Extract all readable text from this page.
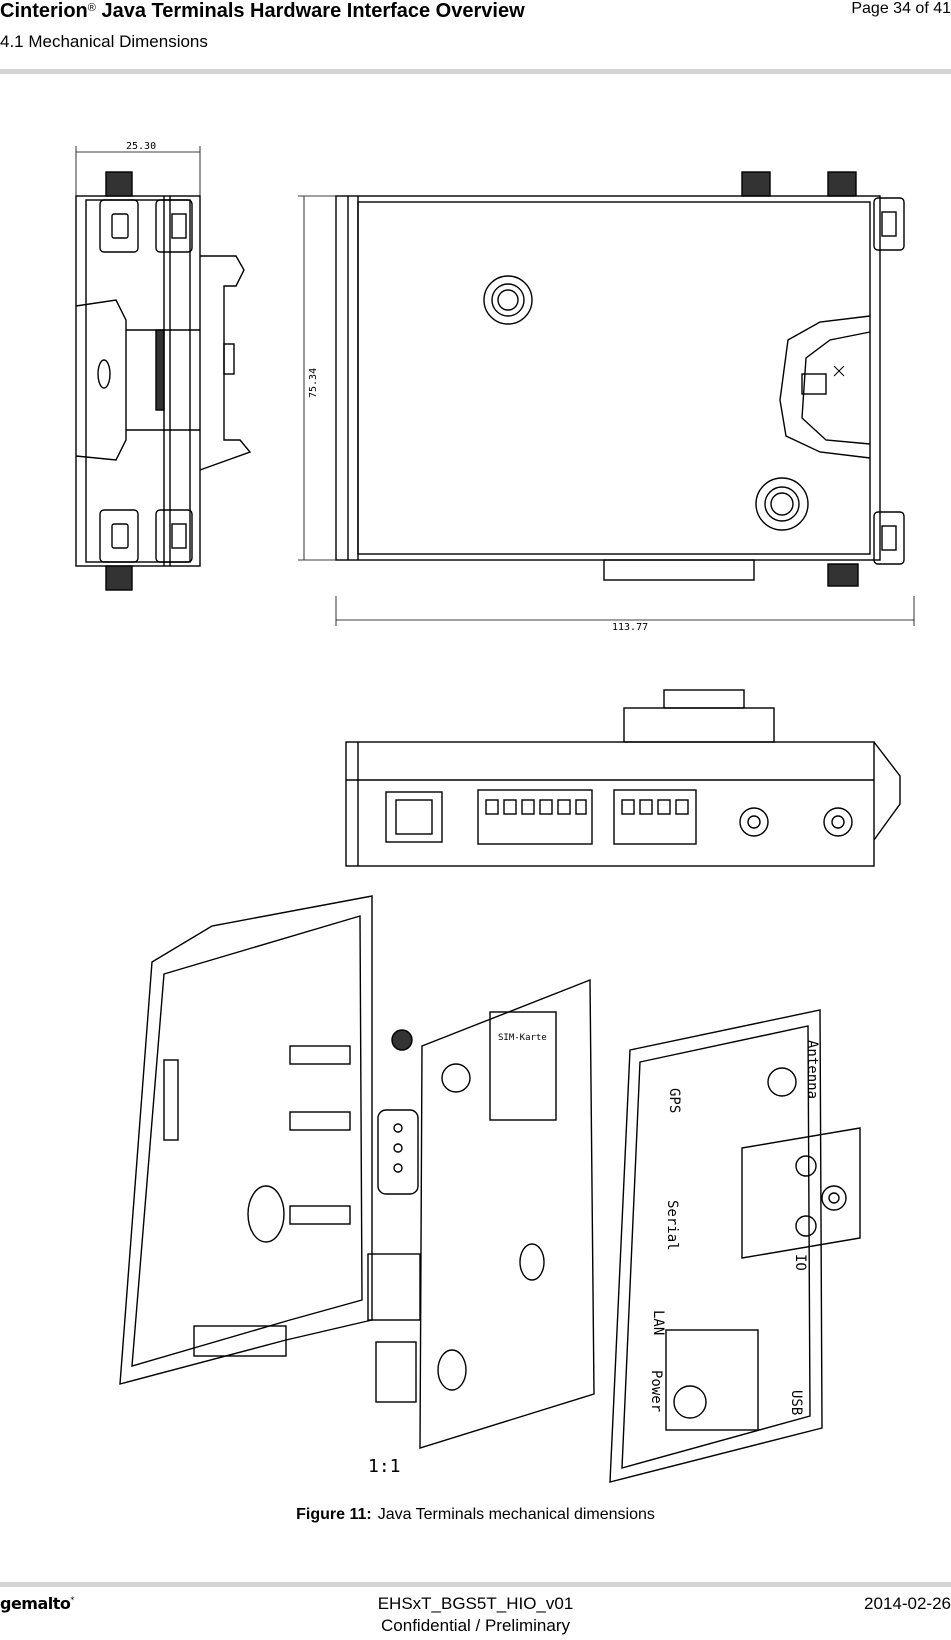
Cinterion® Java Terminals Hardware Interface Overview
4.1 Mechanical Dimensions
Page 34 of 41
25.30
75.34
113.77
SIM-Karte
GPS
Serial
LAN
Power	USB
Antenna
IO
1:1
Figure 11: Java Terminals mechanical dimensions
gemalto*	EHSxT_BGS5T_HIO_v01
Confidential / Preliminary
2014-02-26
